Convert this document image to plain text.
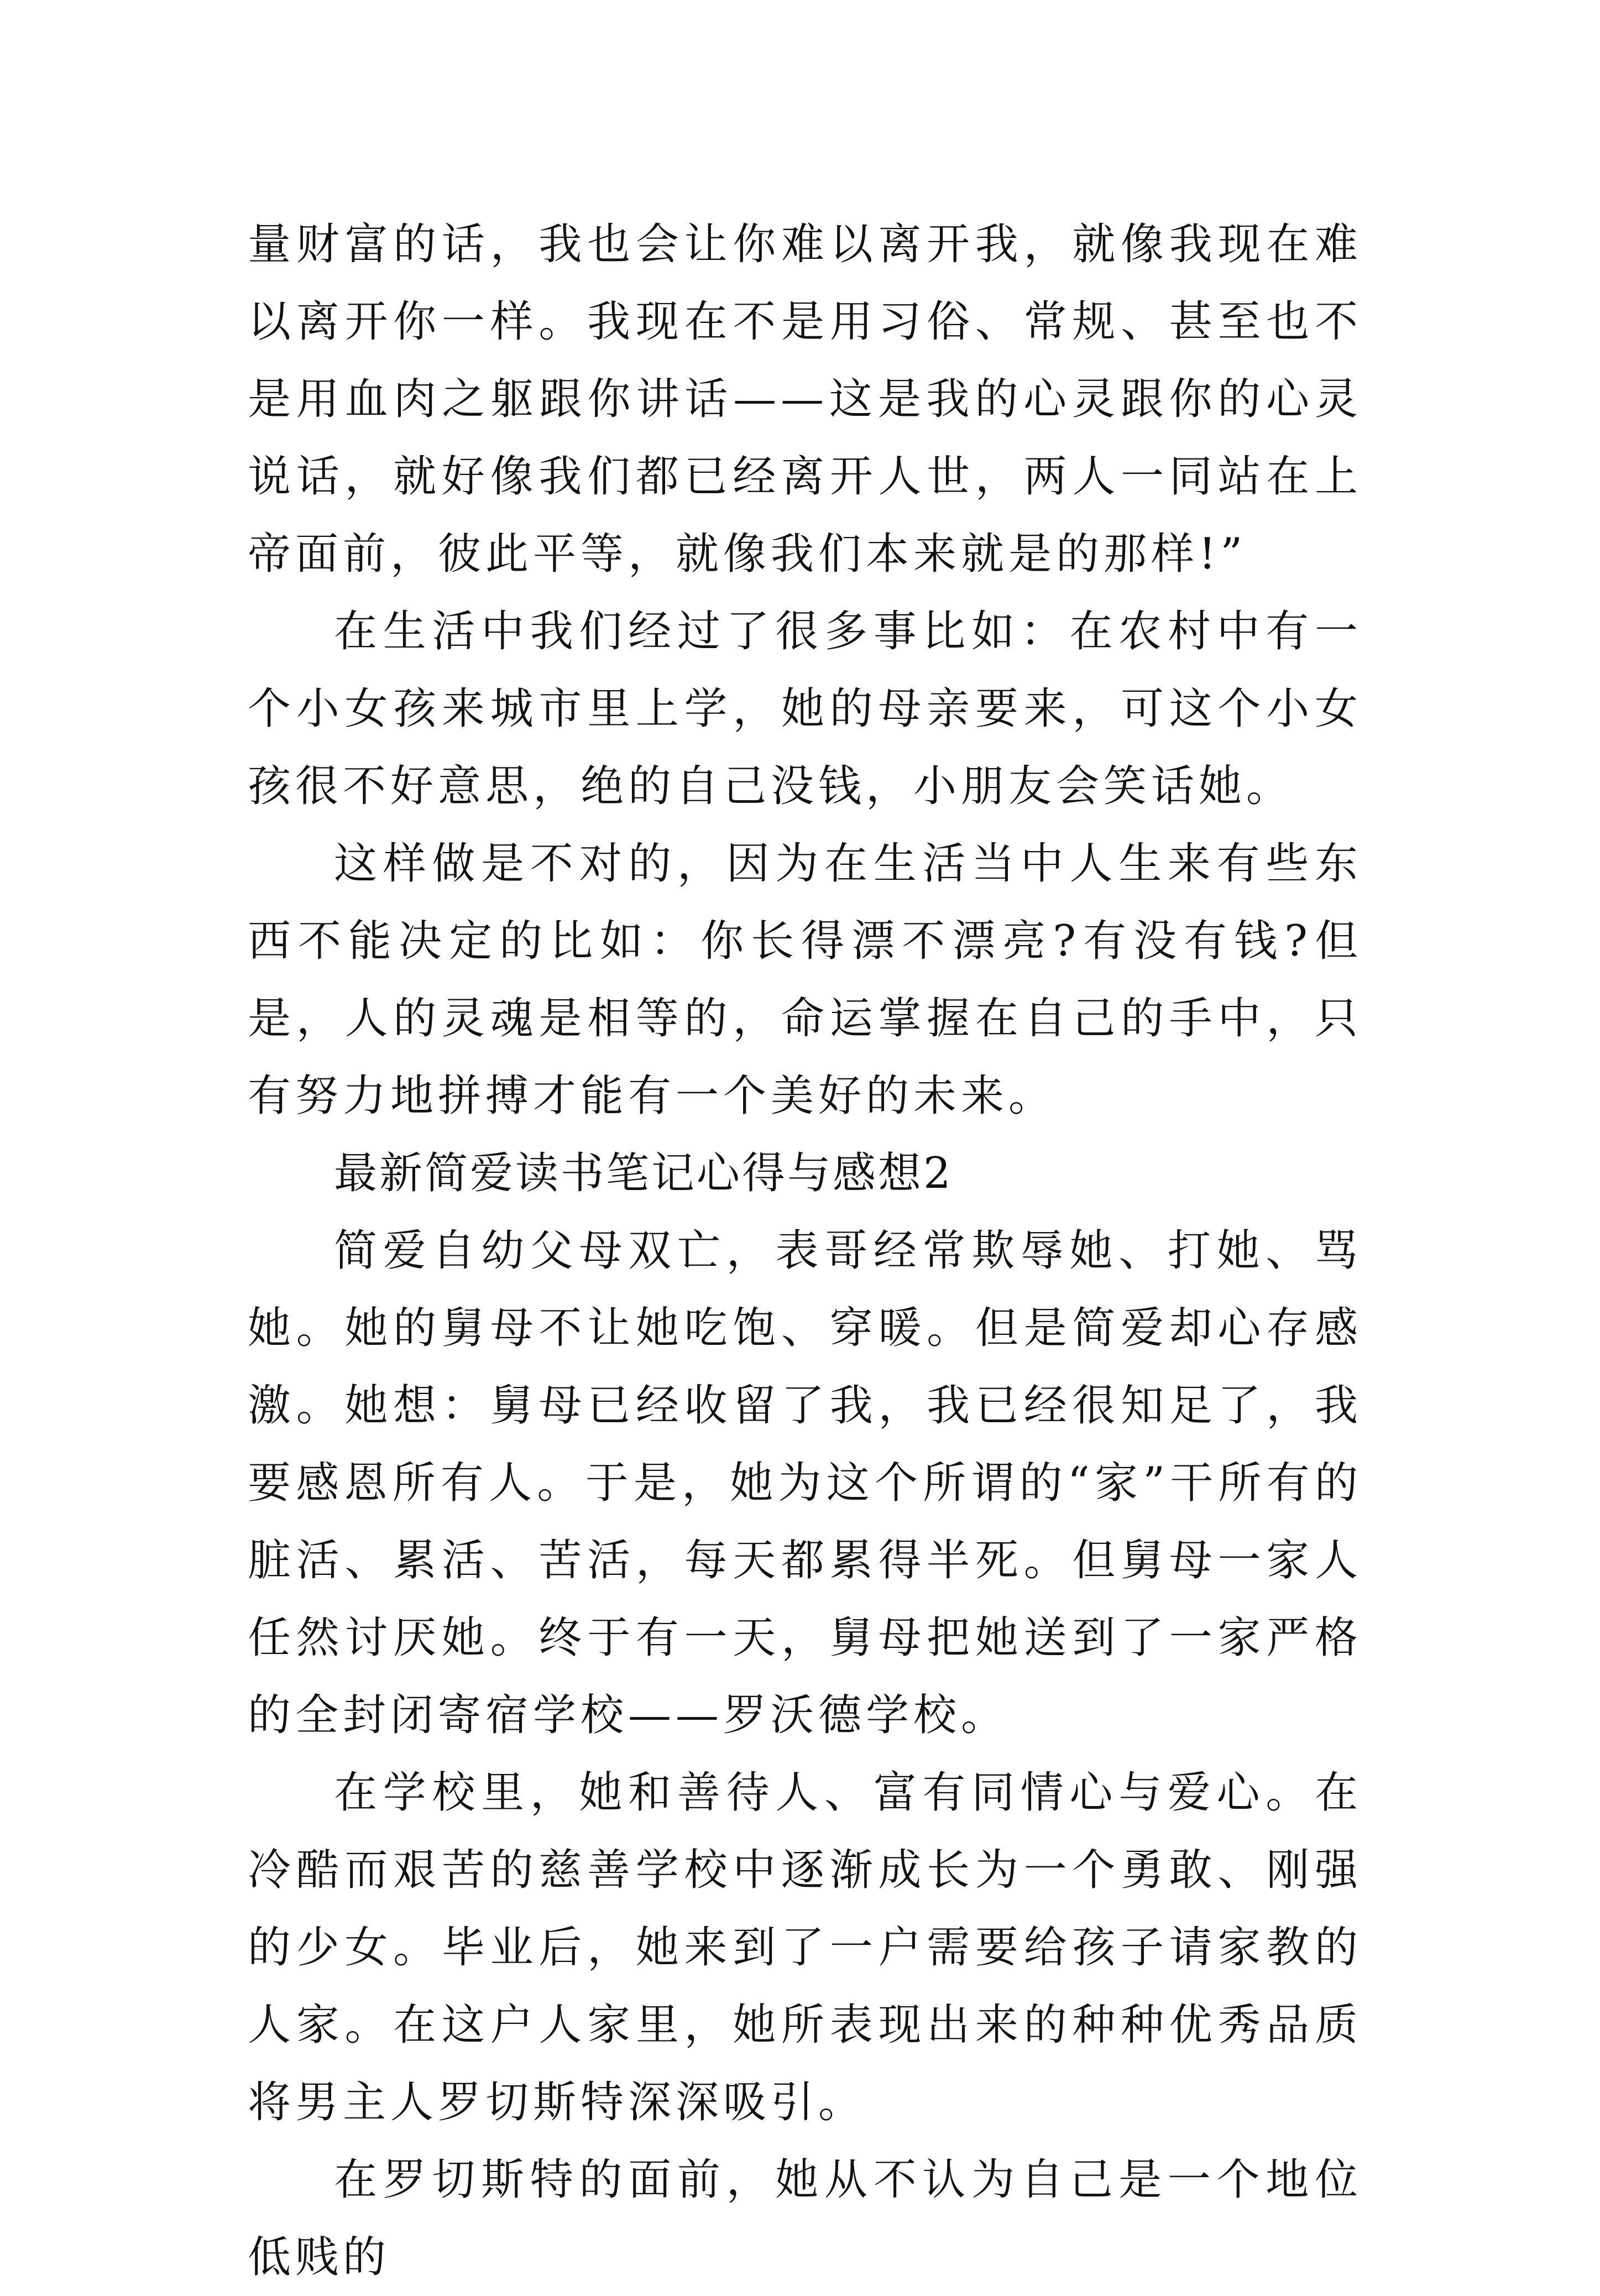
量财富的话，我也会让你难以离开我，就像我现在难以离开你一样。我现在不是用习俗、常规、甚至也不是用血肉之躯跟你讲话——这是我的心灵跟你的心灵说话，就好像我们都已经离开人世，两人一同站在上帝面前，彼此平等，就像我们本来就是的那样!”

在生活中我们经过了很多事比如：在农村中有一个小女孩来城市里上学，她的母亲要来，可这个小女孩很不好意思，绝的自己没钱，小朋友会笑话她。

这样做是不对的，因为在生活当中人生来有些东西不能决定的比如：你长得漂不漂亮?有没有钱?但是，人的灵魂是相等的，命运掌握在自己的手中，只有努力地拼搏才能有一个美好的未来。

最新简爱读书笔记心得与感想2

简爱自幼父母双亡，表哥经常欺辱她、打她、骂她。她的舅母不让她吃饱、穿暖。但是简爱却心存感激。她想：舅母已经收留了我，我已经很知足了，我要感恩所有人。于是，她为这个所谓的“家”干所有的脏活、累活、苦活，每天都累得半死。但舅母一家人任然讨厌她。终于有一天，舅母把她送到了一家严格的全封闭寄宿学校——罗沃德学校。

在学校里，她和善待人、富有同情心与爱心。在冷酷而艰苦的慈善学校中逐渐成长为一个勇敢、刚强的少女。毕业后，她来到了一户需要给孩子请家教的人家。在这户人家里，她所表现出来的种种优秀品质将男主人罗切斯特深深吸引。

在罗切斯特的面前，她从不认为自己是一个地位低贱的
